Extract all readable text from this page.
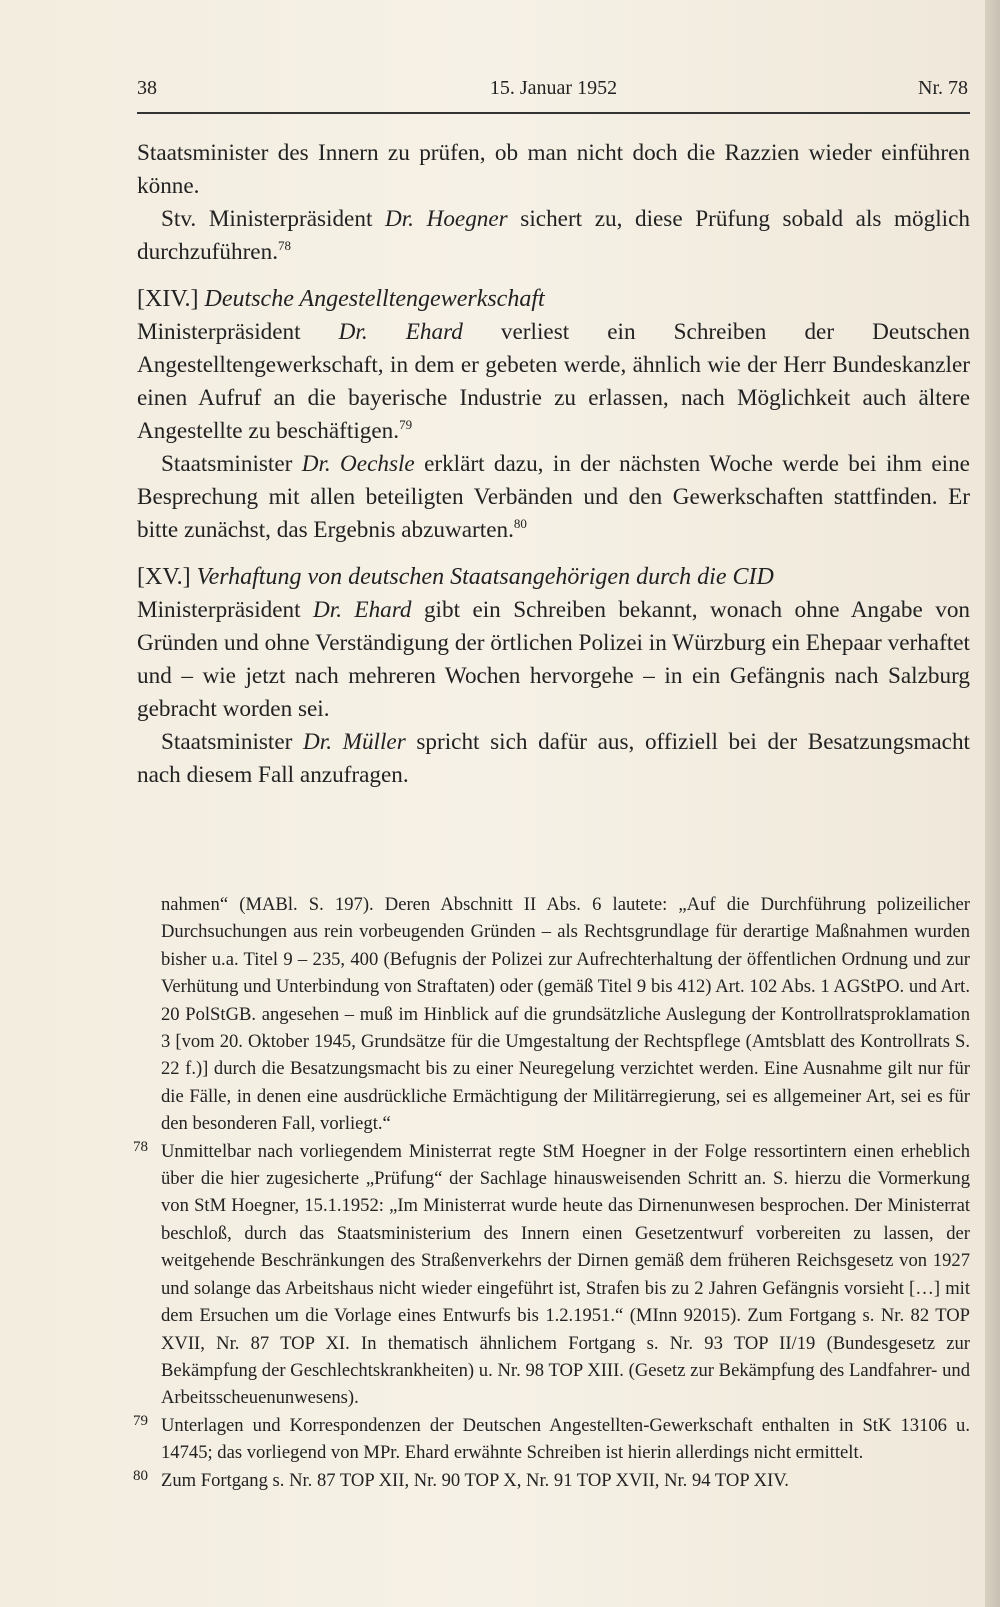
38	15. Januar 1952	Nr. 78

Staatsminister des Innern zu prüfen, ob man nicht doch die Razzien wieder einführen könne.

Stv. Ministerpräsident Dr. Hoegner sichert zu, diese Prüfung sobald als möglich durchzuführen.$^{78}$

[XIV.] Deutsche Angestelltengewerkschaft

Ministerpräsident Dr. Ehard verliest ein Schreiben der Deutschen Angestelltengewerkschaft, in dem er gebeten werde, ähnlich wie der Herr Bundeskanzler einen Aufruf an die bayerische Industrie zu erlassen, nach Möglichkeit auch ältere Angestellte zu beschäftigen.$^{79}$

Staatsminister Dr. Oechsle erklärt dazu, in der nächsten Woche werde bei ihm eine Besprechung mit allen beteiligten Verbänden und den Gewerkschaften stattfinden. Er bitte zunächst, das Ergebnis abzuwarten.$^{80}$

[XV.] Verhaftung von deutschen Staatsangehörigen durch die CID

Ministerpräsident Dr. Ehard gibt ein Schreiben bekannt, wonach ohne Angabe von Gründen und ohne Verständigung der örtlichen Polizei in Würzburg ein Ehepaar verhaftet und – wie jetzt nach mehreren Wochen hervorgehe – in ein Gefängnis nach Salzburg gebracht worden sei.

Staatsminister Dr. Müller spricht sich dafür aus, offiziell bei der Besatzungsmacht nach diesem Fall anzufragen.

nahmen“ (MABl. S. 197). Deren Abschnitt II Abs. 6 lautete: „Auf die Durchführung polizeilicher Durchsuchungen aus rein vorbeugenden Gründen – als Rechtsgrundlage für derartige Maßnahmen wurden bisher u.a. Titel 9 – 235, 400 (Befugnis der Polizei zur Aufrechterhaltung der öffentlichen Ordnung und zur Verhütung und Unterbindung von Straftaten) oder (gemäß Titel 9 bis 412) Art. 102 Abs. 1 AGStPO. und Art. 20 PolStGB. angesehen – muß im Hinblick auf die grundsätzliche Auslegung der Kontrollratsproklamation 3 [vom 20. Oktober 1945, Grundsätze für die Umgestaltung der Rechtspflege (Amtsblatt des Kontrollrats S. 22 f.)] durch die Besatzungsmacht bis zu einer Neuregelung verzichtet werden. Eine Ausnahme gilt nur für die Fälle, in denen eine ausdrückliche Ermächtigung der Militärregierung, sei es allgemeiner Art, sei es für den besonderen Fall, vorliegt.“

78 Unmittelbar nach vorliegendem Ministerrat regte StM Hoegner in der Folge ressortintern einen erheblich über die hier zugesicherte „Prüfung“ der Sachlage hinausweisenden Schritt an. S. hierzu die Vormerkung von StM Hoegner, 15.1.1952: „Im Ministerrat wurde heute das Dirnenunwesen besprochen. Der Ministerrat beschloß, durch das Staatsministerium des Innern einen Gesetzentwurf vorbereiten zu lassen, der weitgehende Beschränkungen des Straßenverkehrs der Dirnen gemäß dem früheren Reichsgesetz von 1927 und solange das Arbeitshaus nicht wieder eingeführt ist, Strafen bis zu 2 Jahren Gefängnis vorsieht […] mit dem Ersuchen um die Vorlage eines Entwurfs bis 1.2.1951.“ (MInn 92015). Zum Fortgang s. Nr. 82 TOP XVII, Nr. 87 TOP XI. In thematisch ähnlichem Fortgang s. Nr. 93 TOP II/19 (Bundesgesetz zur Bekämpfung der Geschlechtskrankheiten) u. Nr. 98 TOP XIII. (Gesetz zur Bekämpfung des Landfahrer- und Arbeitsscheuenunwesens).

79 Unterlagen und Korrespondenzen der Deutschen Angestellten-Gewerkschaft enthalten in StK 13106 u. 14745; das vorliegend von MPr. Ehard erwähnte Schreiben ist hierin allerdings nicht ermittelt.

80 Zum Fortgang s. Nr. 87 TOP XII, Nr. 90 TOP X, Nr. 91 TOP XVII, Nr. 94 TOP XIV.
